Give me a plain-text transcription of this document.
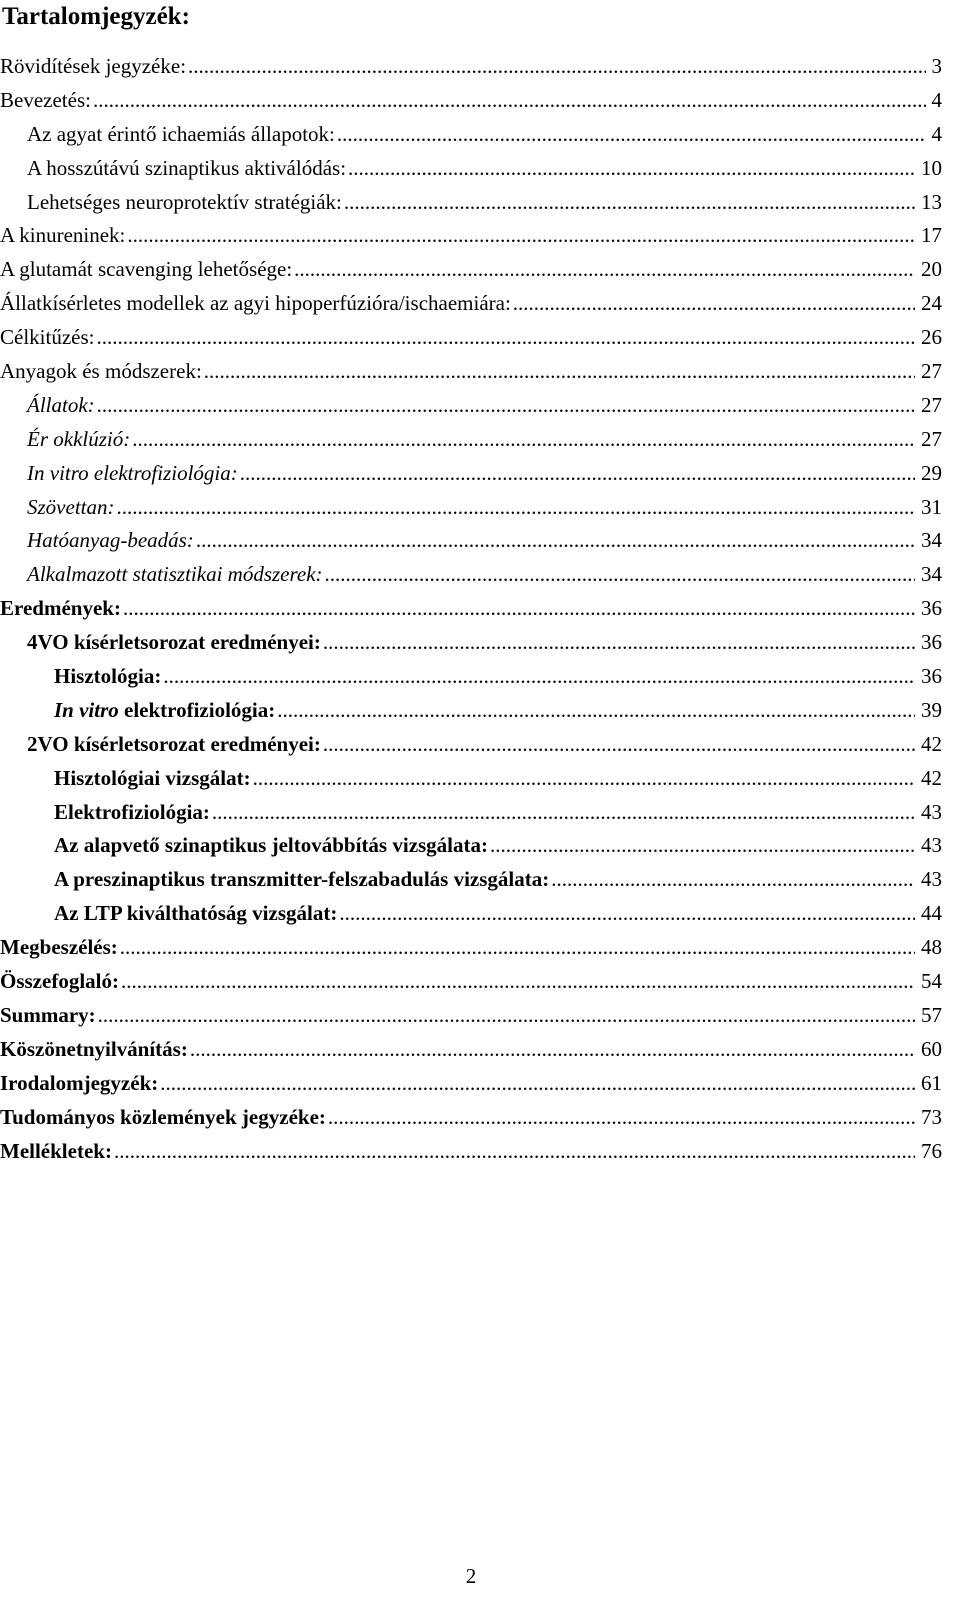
Tartalomjegyzék:
Rövidítések jegyzéke: .....	3
Bevezetés: .....	4
Az agyat érintő ichaemiás állapotok: .....	4
A hosszútávú szinaptikus aktiválódás: .....	10
Lehetséges neuroprotektív stratégiák: .....	13
A kinureninek: .....	17
A glutamát scavenging lehetősége: .....	20
Állatkísérletes modellek az agyi hipoperfúzióra/ischaemiára: .....	24
Célkitűzés: .....	26
Anyagok és módszerek: .....	27
Állatok: .....	27
Ér okklúzió: .....	27
In vitro elektrofiziológia: .....	29
Szövettan: .....	31
Hatóanyag-beadás: .....	34
Alkalmazott statisztikai módszerek: .....	34
Eredmények: .....	36
4VO kísérletsorozat eredményei: .....	36
Hisztológia: .....	36
In vitro elektrofiziológia: .....	39
2VO kísérletsorozat eredményei: .....	42
Hisztológiai vizsgálat: .....	42
Elektrofiziológia: .....	43
Az alapvető szinaptikus jeltovábbítás vizsgálata: .....	43
A preszinaptikus transzmitter-felszabadulás vizsgálata: .....	43
Az LTP kiválthatóság vizsgálat: .....	44
Megbeszélés: .....	48
Összefoglaló: .....	54
Summary: .....	57
Köszönetnyilvánítás: .....	60
Irodalomjegyzék: .....	61
Tudományos közlemények jegyzéke: .....	73
Mellékletek: .....	76
2
